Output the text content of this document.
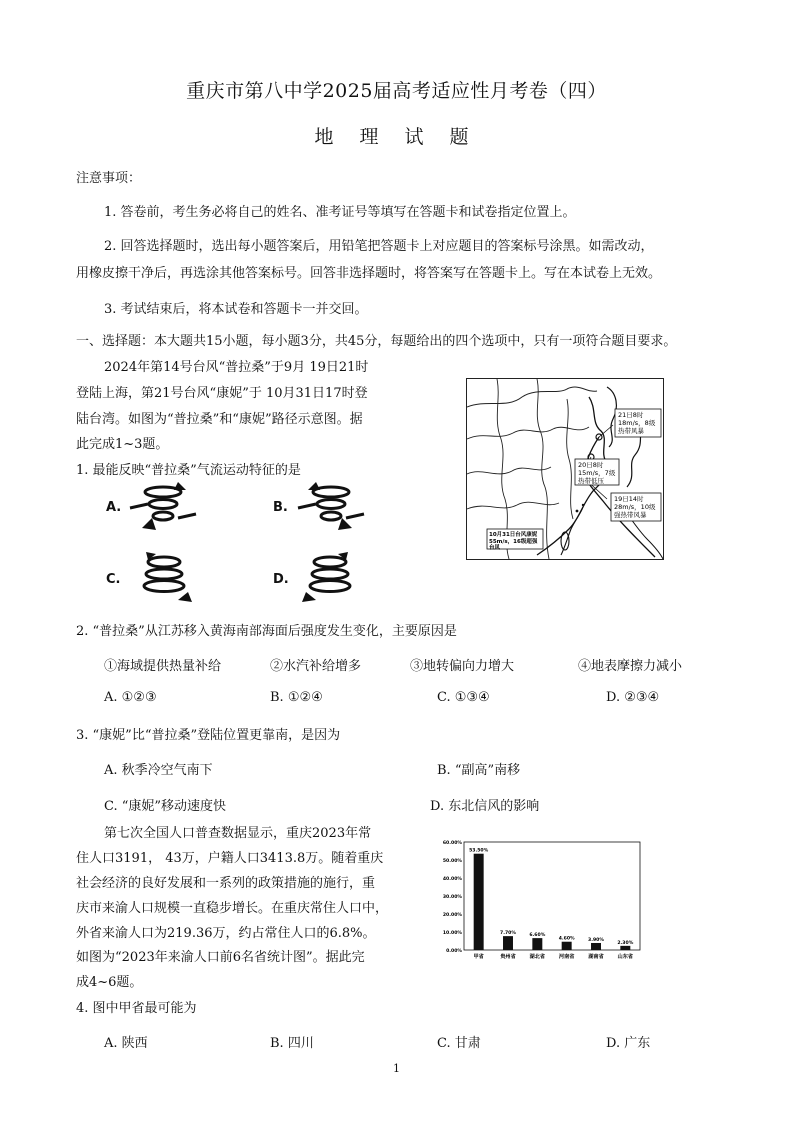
重庆市第八中学2025届高考适应性月考卷（四）
地 理 试 题
注意事项：
1. 答卷前，考生务必将自己的姓名、准考证号等填写在答题卡和试卷指定位置上。
2. 回答选择题时，选出每小题答案后，用铅笔把答题卡上对应题目的答案标号涂黑。如需改动，
用橡皮擦干净后，再选涂其他答案标号。回答非选择题时，将答案写在答题卡上。写在本试卷上无效。
3. 考试结束后，将本试卷和答题卡一并交回。
一、选择题：本大题共15小题，每小题3分，共45分，每题给出的四个选项中，只有一项符合题目要求。
2024年第14号台风“普拉桑”于9月 19日21时
登陆上海，第21号台风“康妮”于 10月31日17时登
陆台湾。如图为“普拉桑”和“康妮”路径示意图。据
此完成1~3题。
21日8时
18m/s，8级
热带风暴
20日8时
15m/s，7级
热带低压
19日14时
28m/s，10级
强热带风暴
10月31日台风康妮
55m/s，16级超强
台风
1. 最能反映“普拉桑”气流运动特征的是
A.	B.
C.	D.
2. “普拉桑”从江苏移入黄海南部海面后强度发生变化，主要原因是
①海域提供热量补给	②水汽补给增多	③地转偏向力增大	④地表摩擦力减小
A. ①②③	B. ①②④	C. ①③④	D. ②③④
3. “康妮”比“普拉桑”登陆位置更靠南，是因为
A. 秋季冷空气南下	B. “副高”南移
C. “康妮”移动速度快	D. 东北信风的影响
第七次全国人口普查数据显示，重庆2023年常
住人口3191， 43万，户籍人口3413.8万。随着重庆
社会经济的良好发展和一系列的政策措施的施行，重
庆市来渝人口规模一直稳步增长。在重庆常住人口中，
外省来渝人口为219.36万，约占常住人口的6.8%。
如图为“2023年来渝人口前6名省统计图”。据此完
成4~6题。
60.00%
50.00%
40.00%
30.00%
20.00%
10.00%
0.00%
53.50%
甲省
7.70%
贵州省
6.60%
湖北省
4.60%
河南省
3.90%
湖南省
2.30%
山东省
4. 图中甲省最可能为
A. 陕西	B. 四川	C. 甘肃	D. 广东
1
